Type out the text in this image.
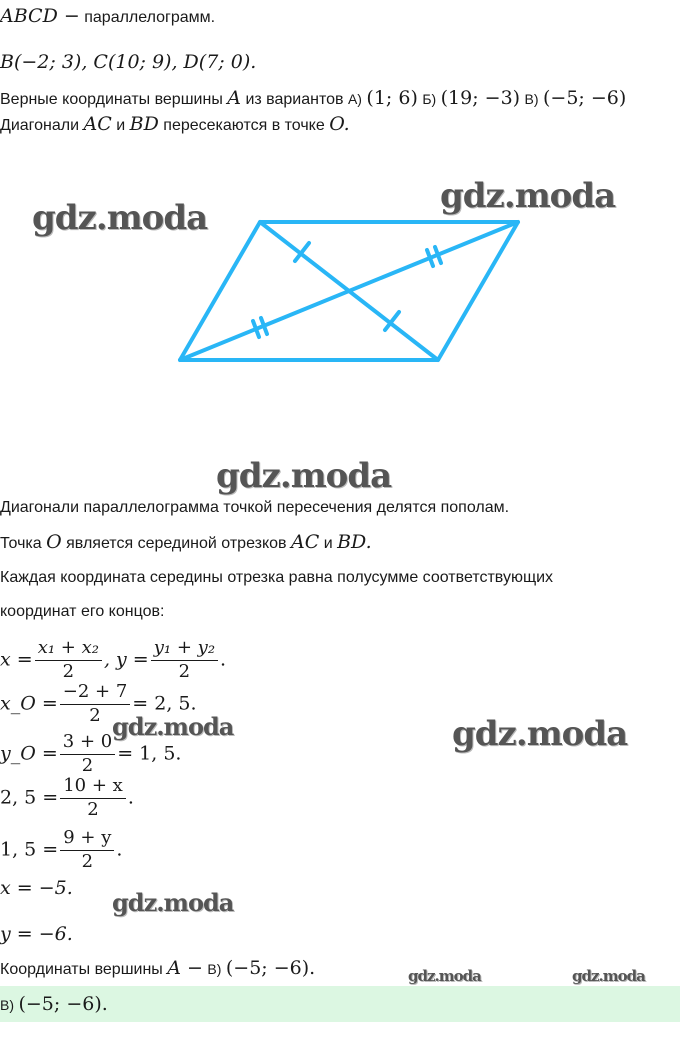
ABCD − параллелограмм.
B(−2; 3), C(10; 9), D(7; 0).
Верные координаты вершины A из вариантов А) (1; 6) Б) (19; −3) В) (−5; −6)
Диагонали AC и BD пересекаются в точке O.
gdz.moda
gdz.moda
gdz.moda
gdz.moda	gdz.moda
gdz.moda
gdz.moda	gdz.moda
Диагонали параллелограмма точкой пересечения делятся пополам.
Точка O является серединой отрезков AC и BD.
Каждая координата середины отрезка равна полусумме соответствующих
координат его концов:
$x = \frac{\text{x₁ + x₂}}{2}$ , $y = \frac{\text{y₁ + y₂}}{2}$ .
x_O = $\frac{-2 + 7}{2} = 2$, 5.
y_O = $\frac{3 + 0}{2} = 1$, 5.
2, $5 = \frac{10 + x}{2}$ .
1, $5 = \frac{9 + y}{2}$ .
x = −5.
y = −6.
Координаты вершины A − В) (−5; −6).
В) (−5; −6).
